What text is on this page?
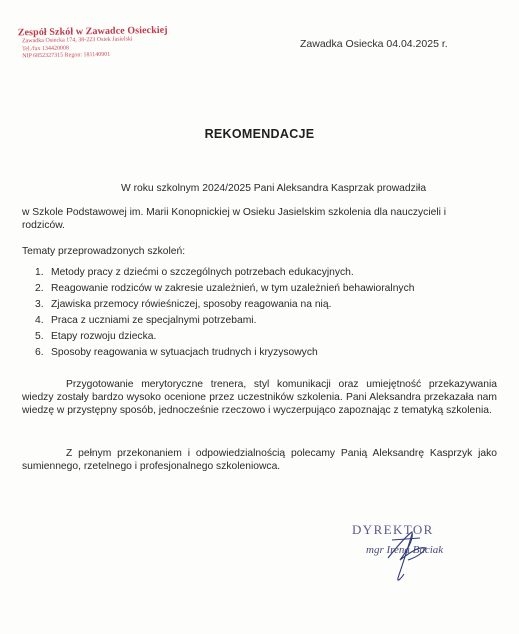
Zespół Szkół w Zawadce Osieckiej
Zawadka Osiecka 174, 38-223 Osiek Jasielski
Tel./fax 134420008
NIP 6852327315 Regon: 181140901
Zawadka Osiecka 04.04.2025 r.
REKOMENDACJE
W roku szkolnym 2024/2025 Pani Aleksandra Kasprzak prowadziła
w Szkole Podstawowej im. Marii Konopnickiej w Osieku Jasielskim szkolenia dla nauczycieli i rodziców.
Tematy przeprowadzonych szkoleń:
1. Metody pracy z dziećmi o szczególnych potrzebach edukacyjnych.
2. Reagowanie rodziców w zakresie uzależnień, w tym uzależnień behawioralnych
3. Zjawiska przemocy rówieśniczej, sposoby reagowania na nią.
4. Praca z uczniami ze specjalnymi potrzebami.
5. Etapy rozwoju dziecka.
6. Sposoby reagowania w sytuacjach trudnych i kryzysowych
Przygotowanie merytoryczne trenera, styl komunikacji oraz umiejętność przekazywania wiedzy zostały bardzo wysoko ocenione przez uczestników szkolenia. Pani Aleksandra przekazała nam wiedzę w przystępny sposób, jednocześnie rzeczowo i wyczerpująco zapoznając z tematyką szkolenia.
Z pełnym przekonaniem i odpowiedzialnością polecamy Panią Aleksandrę Kasprzyk jako sumiennego, rzetelnego i profesjonalnego szkoleniowca.
DYREKTOR
mgr Irena Baciak
